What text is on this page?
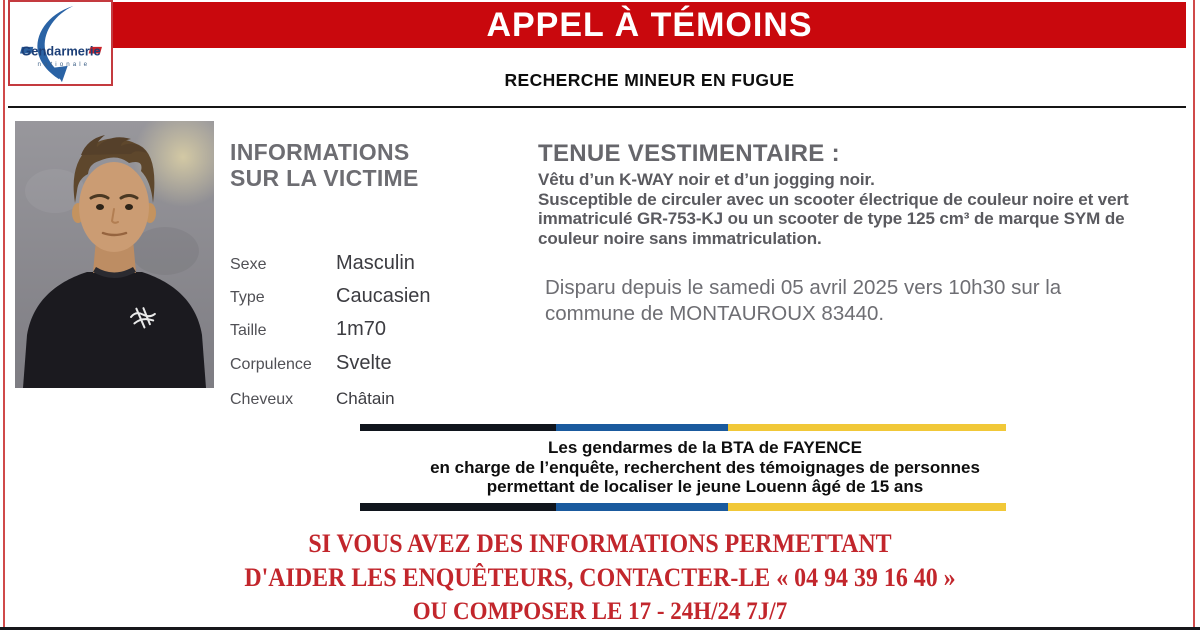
Gendarmerie
nationale
APPEL À TÉMOINS
RECHERCHE MINEUR EN FUGUE
INFORMATIONS
SUR LA VICTIME
Sexe	Masculin
Type	Caucasien
Taille	1m70
Corpulence	Svelte
Cheveux	Châtain
TENUE VESTIMENTAIRE :

Vêtu d’un K-WAY noir et d’un jogging noir.

Susceptible de circuler avec un scooter électrique de couleur noire et vert immatriculé GR-753-KJ ou un scooter de type 125 cm³ de marque SYM de couleur noire sans immatriculation.

Disparu depuis le samedi 05 avril 2025 vers 10h30 sur la commune de MONTAUROUX 83440.
Les gendarmes de la BTA de FAYENCE
en charge de l’enquête, recherchent des témoignages de personnes
permettant de localiser le jeune Louenn âgé de 15 ans
SI VOUS AVEZ DES INFORMATIONS PERMETTANT
D'AIDER LES ENQUÊTEURS, CONTACTER-LE « 04 94 39 16 40 »
OU COMPOSER LE 17 - 24H/24 7J/7
